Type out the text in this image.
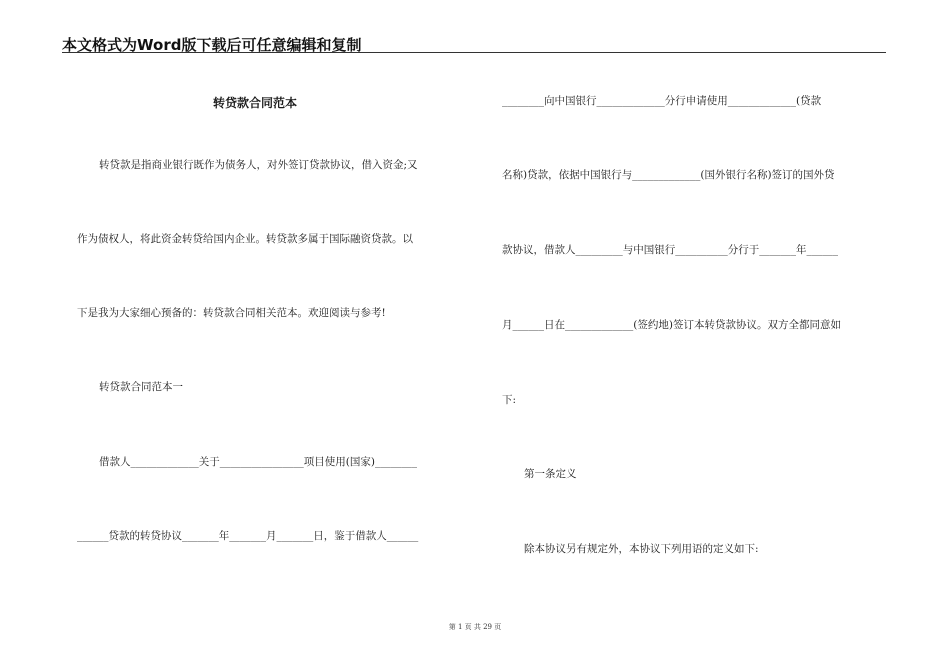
本文格式为Word版下载后可任意编辑和复制
转贷款合同范本
转贷款是指商业银行既作为债务人，对外签订贷款协议，借入资金;又
作为债权人，将此资金转贷给国内企业。转贷款多属于国际融资贷款。以
下是我为大家细心预备的：转贷款合同相关范本。欢迎阅读与参考!
转贷款合同范本一
借款人_____________关于________________项目使用(国家)________
______贷款的转贷协议_______年_______月_______日，鉴于借款人______
________向中国银行_____________分行申请使用_____________(贷款
名称)贷款，依据中国银行与_____________(国外银行名称)签订的国外贷
款协议，借款人_________与中国银行__________分行于_______年______
月______日在_____________(签约地)签订本转贷款协议。双方全都同意如
下:
第一条定义
除本协议另有规定外，本协议下列用语的定义如下:
第 1 页 共 29 页
